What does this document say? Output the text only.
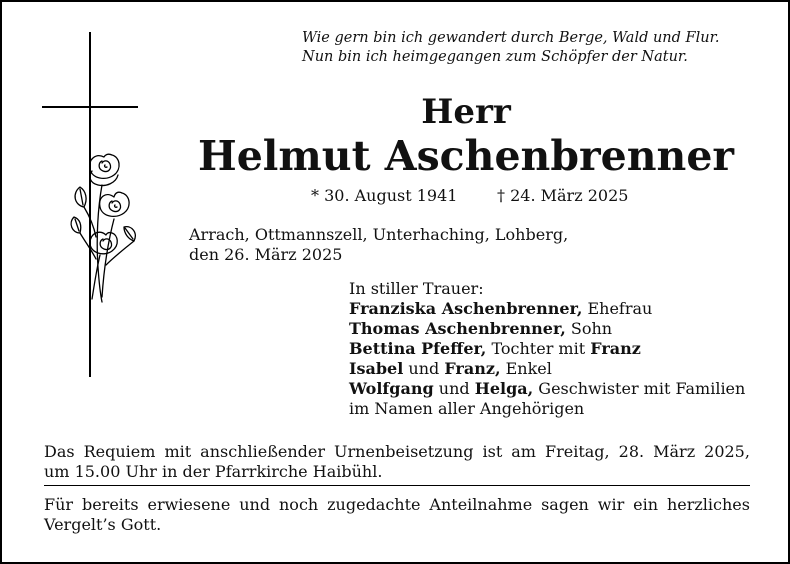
Wie gern bin ich gewandert durch Berge, Wald und Flur.
Nun bin ich heimgegangen zum Schöpfer der Natur.
Herr
Helmut Aschenbrenner
* 30. August 1941 † 24. März 2025
Arrach, Ottmannszell, Unterhaching, Lohberg,
den 26. März 2025
In stiller Trauer:
Franziska Aschenbrenner, Ehefrau
Thomas Aschenbrenner, Sohn
Bettina Pfeffer, Tochter mit Franz
Isabel und Franz, Enkel
Wolfgang und Helga, Geschwister mit Familien
im Namen aller Angehörigen
Das Requiem mit anschließender Urnenbeisetzung ist am Freitag, 28. März 2025,
um 15.00 Uhr in der Pfarrkirche Haibühl.
Für bereits erwiesene und noch zugedachte Anteilnahme sagen wir ein herzliches
Vergelt’s Gott.
